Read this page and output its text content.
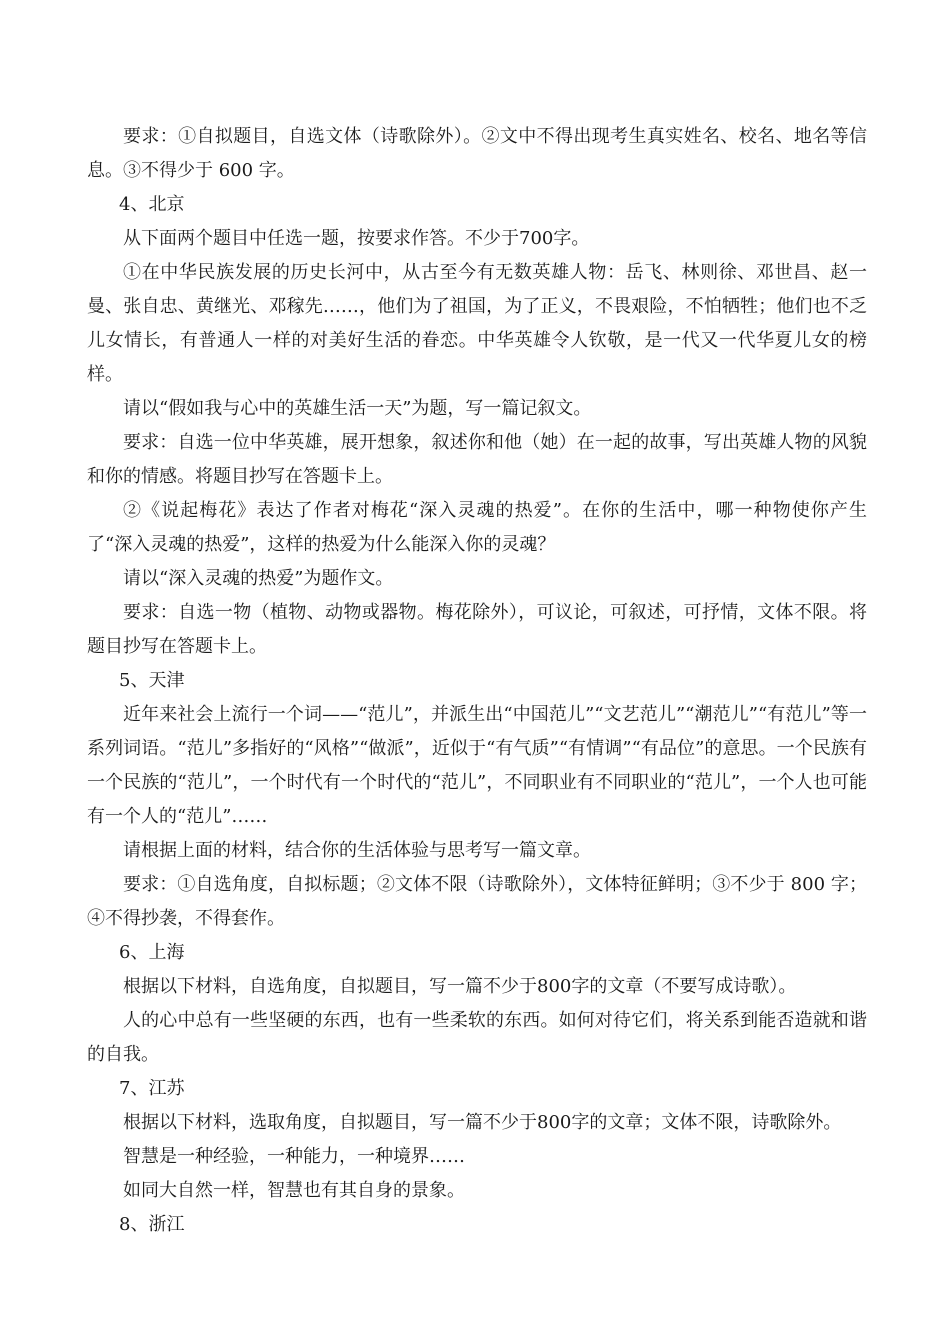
要求：①自拟题目，自选文体（诗歌除外）。②文中不得出现考生真实姓名、校名、地名等信息。③不得少于 600 字。

4、北京

从下面两个题目中任选一题，按要求作答。不少于700字。

①在中华民族发展的历史长河中，从古至今有无数英雄人物：岳飞、林则徐、邓世昌、赵一曼、张自忠、黄继光、邓稼先……，他们为了祖国，为了正义，不畏艰险，不怕牺牲；他们也不乏儿女情长，有普通人一样的对美好生活的眷恋。中华英雄令人钦敬，是一代又一代华夏儿女的榜样。

请以“假如我与心中的英雄生活一天”为题，写一篇记叙文。

要求：自选一位中华英雄，展开想象，叙述你和他（她）在一起的故事，写出英雄人物的风貌和你的情感。将题目抄写在答题卡上。

②《说起梅花》表达了作者对梅花“深入灵魂的热爱”。在你的生活中，哪一种物使你产生了“深入灵魂的热爱”，这样的热爱为什么能深入你的灵魂？

请以“深入灵魂的热爱”为题作文。

要求：自选一物（植物、动物或器物。梅花除外），可议论，可叙述，可抒情，文体不限。将题目抄写在答题卡上。

5、天津

近年来社会上流行一个词——“范儿”，并派生出“中国范儿”“文艺范儿”“潮范儿”“有范儿”等一系列词语。“范儿”多指好的“风格”“做派”，近似于“有气质”“有情调”“有品位”的意思。一个民族有一个民族的“范儿”，一个时代有一个时代的“范儿”，不同职业有不同职业的“范儿”，一个人也可能有一个人的“范儿”……

请根据上面的材料，结合你的生活体验与思考写一篇文章。

要求：①自选角度，自拟标题；②文体不限（诗歌除外），文体特征鲜明；③不少于 800 字； ④不得抄袭，不得套作。

6、上海

根据以下材料，自选角度，自拟题目，写一篇不少于800字的文章（不要写成诗歌）。

人的心中总有一些坚硬的东西，也有一些柔软的东西。如何对待它们，将关系到能否造就和谐的自我。

7、江苏

根据以下材料，选取角度，自拟题目，写一篇不少于800字的文章；文体不限，诗歌除外。

智慧是一种经验，一种能力，一种境界……

如同大自然一样，智慧也有其自身的景象。

8、浙江
